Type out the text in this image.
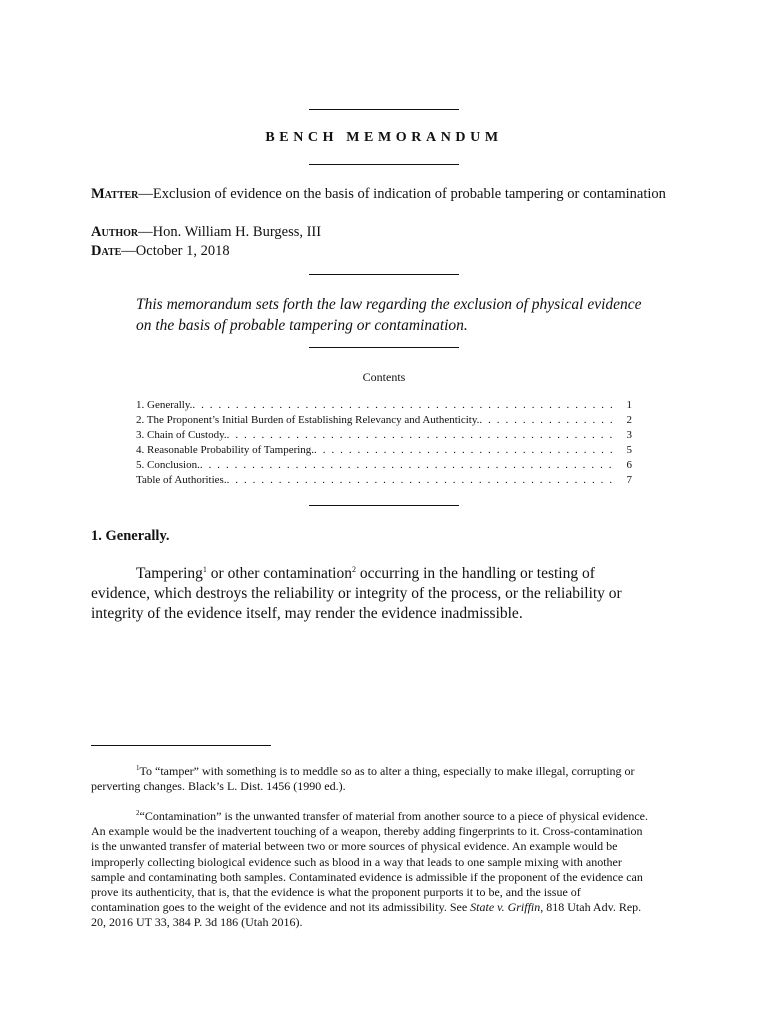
BENCH MEMORANDUM
Matter—Exclusion of evidence on the basis of indication of probable tampering or contamination
Author—Hon. William H. Burgess, III
Date—October 1, 2018
This memorandum sets forth the law regarding the exclusion of physical evidence on the basis of probable tampering or contamination.
Contents
1. Generally. . . .	1
2. The Proponent’s Initial Burden of Establishing Relevancy and Authenticity. . . .	2
3. Chain of Custody. . . .	3
4. Reasonable Probability of Tampering. . . .	5
5. Conclusion. . . .	6
Table of Authorities. . . .	7
1. Generally.
Tampering$^1$ or other contamination$^2$ occurring in the handling or testing of evidence, which destroys the reliability or integrity of the process, or the reliability or integrity of the evidence itself, may render the evidence inadmissible.
$^1$To “tamper” with something is to meddle so as to alter a thing, especially to make illegal, corrupting or perverting changes. Black’s L. Dist. 1456 (1990 ed.).
$^2$“Contamination” is the unwanted transfer of material from another source to a piece of physical evidence. An example would be the inadvertent touching of a weapon, thereby adding fingerprints to it. Cross-contamination is the unwanted transfer of material between two or more sources of physical evidence. An example would be improperly collecting biological evidence such as blood in a way that leads to one sample mixing with another sample and contaminating both samples. Contaminated evidence is admissible if the proponent of the evidence can prove its authenticity, that is, that the evidence is what the proponent purports it to be, and the issue of contamination goes to the weight of the evidence and not its admissibility. See State v. Griffin, 818 Utah Adv. Rep. 20, 2016 UT 33, 384 P. 3d 186 (Utah 2016).
